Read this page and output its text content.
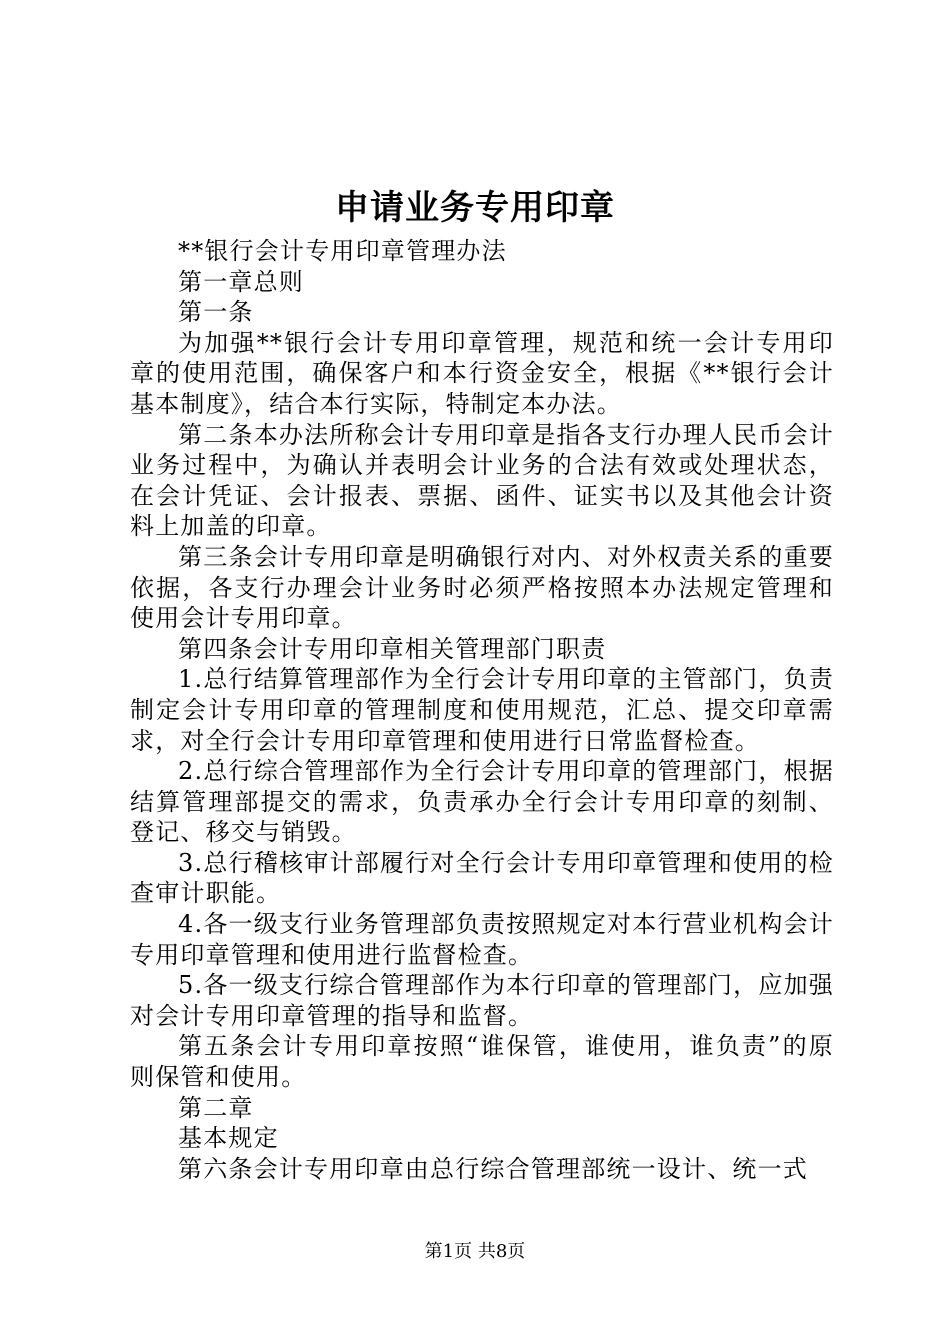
申请业务专用印章

**银行会计专用印章管理办法

第一章总则

第一条

为加强**银行会计专用印章管理，规范和统一会计专用印章的使用范围，确保客户和本行资金安全，根据《**银行会计基本制度》，结合本行实际，特制定本办法。

第二条本办法所称会计专用印章是指各支行办理人民币会计业务过程中，为确认并表明会计业务的合法有效或处理状态，在会计凭证、会计报表、票据、函件、证实书以及其他会计资料上加盖的印章。

第三条会计专用印章是明确银行对内、对外权责关系的重要依据，各支行办理会计业务时必须严格按照本办法规定管理和使用会计专用印章。

第四条会计专用印章相关管理部门职责

1.总行结算管理部作为全行会计专用印章的主管部门，负责制定会计专用印章的管理制度和使用规范，汇总、提交印章需求，对全行会计专用印章管理和使用进行日常监督检查。

2.总行综合管理部作为全行会计专用印章的管理部门，根据结算管理部提交的需求，负责承办全行会计专用印章的刻制、登记、移交与销毁。

3.总行稽核审计部履行对全行会计专用印章管理和使用的检查审计职能。

4.各一级支行业务管理部负责按照规定对本行营业机构会计专用印章管理和使用进行监督检查。

5.各一级支行综合管理部作为本行印章的管理部门，应加强对会计专用印章管理的指导和监督。

第五条会计专用印章按照“谁保管，谁使用，谁负责”的原则保管和使用。

第二章

基本规定

第六条会计专用印章由总行综合管理部统一设计、统一式

第1页 共8页
